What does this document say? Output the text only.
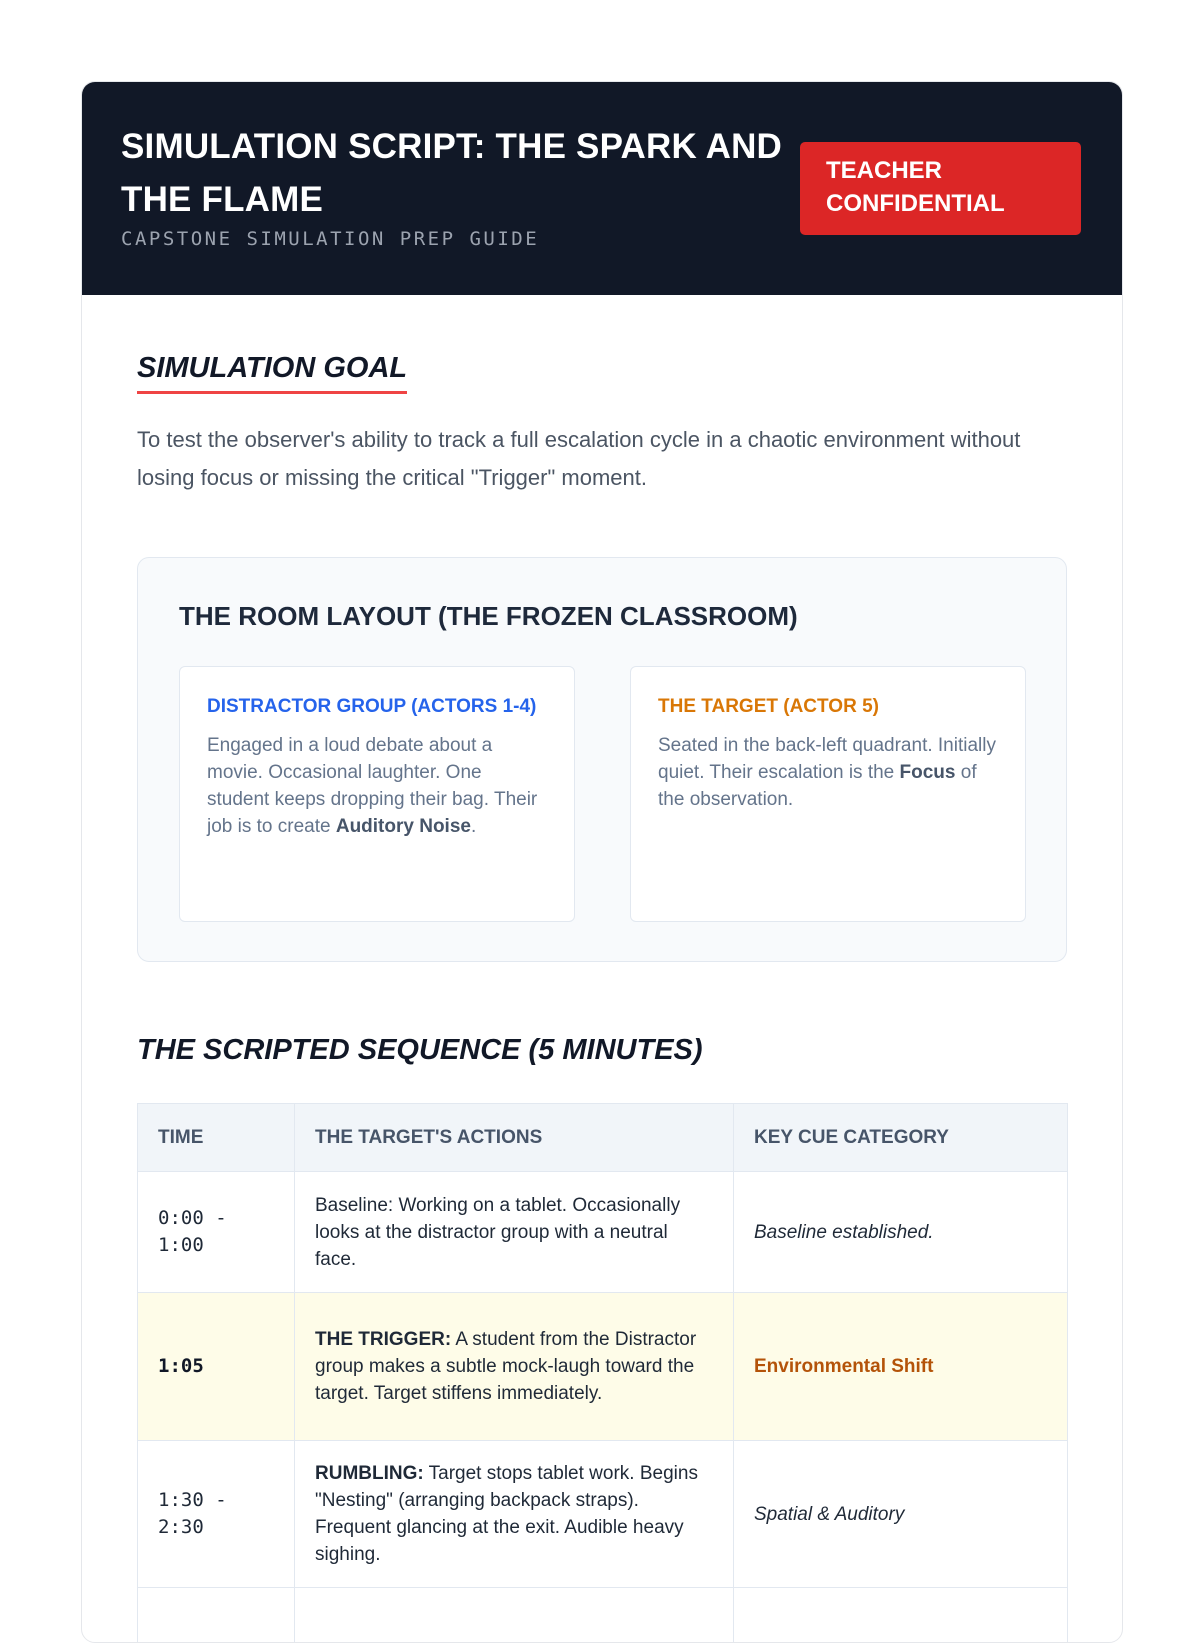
SIMULATION SCRIPT: THE SPARK AND THE FLAME
CAPSTONE SIMULATION PREP GUIDE
TEACHER CONFIDENTIAL
SIMULATION GOAL

To test the observer's ability to track a full escalation cycle in a chaotic environment without losing focus or missing the critical "Trigger" moment.

THE ROOM LAYOUT (THE FROZEN CLASSROOM)
DISTRACTOR GROUP (ACTORS 1-4)

Engaged in a loud debate about a movie. Occasional laughter. One student keeps dropping their bag. Their job is to create Auditory Noise.

THE TARGET (ACTOR 5)

Seated in the back-left quadrant. Initially quiet. Their escalation is the Focus of the observation.

THE SCRIPTED SEQUENCE (5 MINUTES)
TIME	THE TARGET'S ACTIONS	KEY CUE CATEGORY
0:00 - 1:00	Baseline: Working on a tablet. Occasionally looks at the distractor group with a neutral face.	Baseline established.
1:05	THE TRIGGER: A student from the Distractor group makes a subtle mock-laugh toward the target. Target stiffens immediately.	Environmental Shift
1:30 - 2:30	RUMBLING: Target stops tablet work. Begins "Nesting" (arranging backpack straps). Frequent glancing at the exit. Audible heavy sighing.	Spatial & Auditory
